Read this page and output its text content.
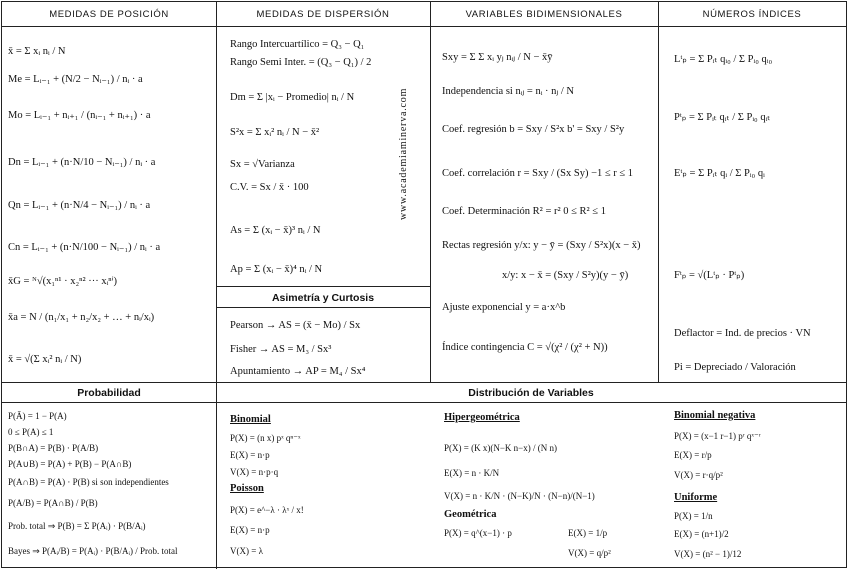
MEDIDAS DE POSICIÓN	MEDIDAS DE DISPERSIÓN	VARIABLES BIDIMENSIONALES	NÚMEROS ÍNDICES
x̄ = Σ xᵢ nᵢ / N
Me = Lᵢ₋₁ + (N/2 − Nᵢ₋₁) / nᵢ · a
Mo = Lᵢ₋₁ + nᵢ₊₁ / (nᵢ₋₁ + nᵢ₊₁) · a
Dn = Lᵢ₋₁ + (n·N/10 − Nᵢ₋₁) / nᵢ · a
Qn = Lᵢ₋₁ + (n·N/4 − Nᵢ₋₁) / nᵢ · a
Cn = Lᵢ₋₁ + (n·N/100 − Nᵢ₋₁) / nᵢ · a
x̄G = ᴺ√(x₁ⁿ¹ · x₂ⁿ² ··· xᵢⁿⁱ)
x̄a = N / (n₁/x₁ + n₂/x₂ + … + nᵢ/xᵢ)
x̄ = √(Σ xᵢ² nᵢ / N)
Rango Intercuartílico = Q₃ − Q₁
Rango Semi Inter. = (Q₃ − Q₁) / 2
Dm = Σ |xᵢ − Promedio| nᵢ / N
S²x = Σ xᵢ² nᵢ / N − x̄²
Sx = √Varianza
C.V. = Sx / x̄ · 100
As = Σ (xᵢ − x̄)³ nᵢ / N
Ap = Σ (xᵢ − x̄)⁴ nᵢ / N
www.academiaminerva.com
Asimetría y Curtosis
Pearson → AS = (x̄ − Mo) / Sx
Fisher → AS = M₃ / Sx³
Apuntamiento → AP = M₄ / Sx⁴
Sxy = Σ Σ xᵢ yⱼ nᵢⱼ / N − x̄ȳ
Independencia si nᵢⱼ = nᵢ · nⱼ / N
Coef. regresión b = Sxy / S²x b' = Sxy / S²y
Coef. correlación r = Sxy / (Sx Sy) −1 ≤ r ≤ 1
Coef. Determinación R² = r² 0 ≤ R² ≤ 1
Rectas regresión y/x: y − ȳ = (Sxy / S²x)(x − x̄)
x/y: x − x̄ = (Sxy / S²y)(y − ȳ)
Ajuste exponencial y = a·x^b
Índice contingencia C = √(χ² / (χ² + N))
Lᵗₚ = Σ Pᵢₜ qᵢ₀ / Σ Pᵢ₀ qᵢ₀
Pᵗₚ = Σ Pᵢₜ qᵢₜ / Σ Pᵢ₀ qᵢₜ
Eᵗₚ = Σ Pᵢₜ qᵢ / Σ Pᵢ₀ qᵢ
Fᵗₚ = √(Lᵗₚ · Pᵗₚ)
Deflactor = Ind. de precios · VN
Pi = Depreciado / Valoración
Probabilidad	Distribución de Variables
P(Ā) = 1 − P(A)
0 ≤ P(A) ≤ 1
P(B∩A) = P(B) · P(A/B)
P(A∪B) = P(A) + P(B) − P(A∩B)
P(A∩B) = P(A) · P(B) si son independientes
P(A/B) = P(A∩B) / P(B)
Prob. total ⇒ P(B) = Σ P(Aᵢ) · P(B/Aᵢ)
Bayes ⇒ P(Aᵢ/B) = P(Aᵢ) · P(B/Aᵢ) / Prob. total
Binomial
P(X) = (n x) pˣ qⁿ⁻ˣ
E(X) = n·p
V(X) = n·p·q
Poisson
P(X) = e^−λ · λˣ / x!
E(X) = n·p
V(X) = λ
Hipergeométrica
P(X) = (K x)(N−K n−x) / (N n)
E(X) = n · K/N
V(X) = n · K/N · (N−K)/N · (N−n)/(N−1)
Geométrica
P(X) = q^(x−1) · p	E(X) = 1/p
V(X) = q/p²
Binomial negativa
P(X) = (x−1 r−1) pʳ qˣ⁻ʳ
E(X) = r/p
V(X) = r·q/p²
Uniforme
P(X) = 1/n
E(X) = (n+1)/2
V(X) = (n² − 1)/12
